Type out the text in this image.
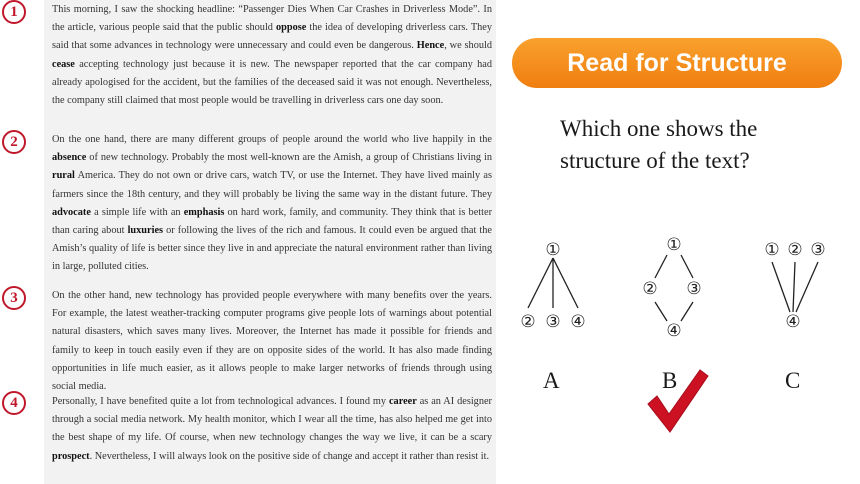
1	This morning, I saw the shocking headline: “Passenger Dies When Car Crashes in Driverless Mode”. In the article, various people said that the public should oppose the idea of developing driverless cars. They said that some advances in technology were unnecessary and could even be dangerous. Hence, we should cease accepting technology just because it is new. The newspaper reported that the car company had already apologised for the accident, but the families of the deceased said it was not enough. Nevertheless, the company still claimed that most people would be travelling in driverless cars one day soon.
2	On the one hand, there are many different groups of people around the world who live happily in the absence of new technology. Probably the most well-known are the Amish, a group of Christians living in rural America. They do not own or drive cars, watch TV, or use the Internet. They have lived mainly as farmers since the 18th century, and they will probably be living the same way in the distant future. They advocate a simple life with an emphasis on hard work, family, and community. They think that is better than caring about luxuries or following the lives of the rich and famous. It could even be argued that the Amish’s quality of life is better since they live in and appreciate the natural environment rather than living in large, polluted cities.
3	On the other hand, new technology has provided people everywhere with many benefits over the years. For example, the latest weather-tracking computer programs give people lots of warnings about potential natural disasters, which saves many lives. Moreover, the Internet has made it possible for friends and family to keep in touch easily even if they are on opposite sides of the world. It has also made finding opportunities in life much easier, as it allows people to make larger networks of friends through using social media.
4	Personally, I have benefited quite a lot from technological advances. I found my career as an AI designer through a social media network. My health monitor, which I wear all the time, has also helped me get into the best shape of my life. Of course, when new technology changes the way we live, it can be a scary prospect. Nevertheless, I will always look on the positive side of change and accept it rather than resist it.
Read for Structure
Which one shows the structure of the text?
①
② ③ ④
①
② ③
④
① ② ③
④
A	B	C
